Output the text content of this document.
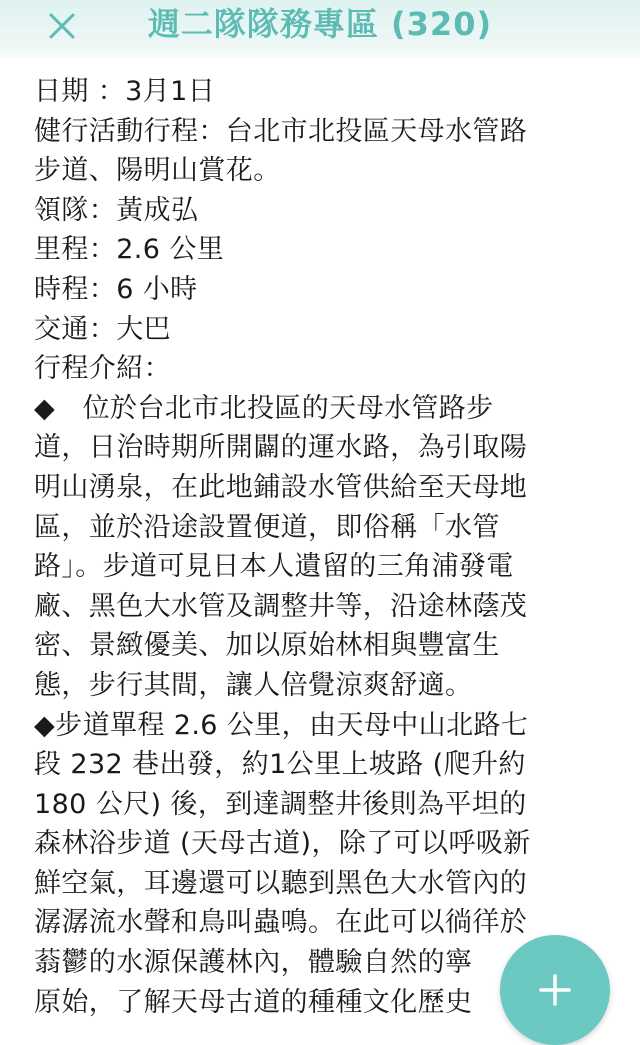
週二隊隊務專區 (320)
日期 ：3月1日
健行活動行程：台北市北投區天母水管路
步道、陽明山賞花。
領隊：黃成弘
里程：2.6 公里
時程：6 小時
交通：大巴
行程介紹：
◆　位於台北市北投區的天母水管路步
道，日治時期所開闢的運水路，為引取陽
明山湧泉，在此地鋪設水管供給至天母地
區，並於沿途設置便道，即俗稱「水管
路」。步道可見日本人遺留的三角浦發電
廠、黑色大水管及調整井等，沿途林蔭茂
密、景緻優美、加以原始林相與豐富生
態，步行其間，讓人倍覺涼爽舒適。
◆步道單程 2.6 公里，由天母中山北路七
段 232 巷出發，約1公里上坡路 (爬升約
180 公尺) 後，到達調整井後則為平坦的
森林浴步道 (天母古道)，除了可以呼吸新
鮮空氣，耳邊還可以聽到黑色大水管內的
潺潺流水聲和鳥叫蟲鳴。在此可以徜徉於
蓊鬱的水源保護林內，體驗自然的寧
原始，了解天母古道的種種文化歷史
